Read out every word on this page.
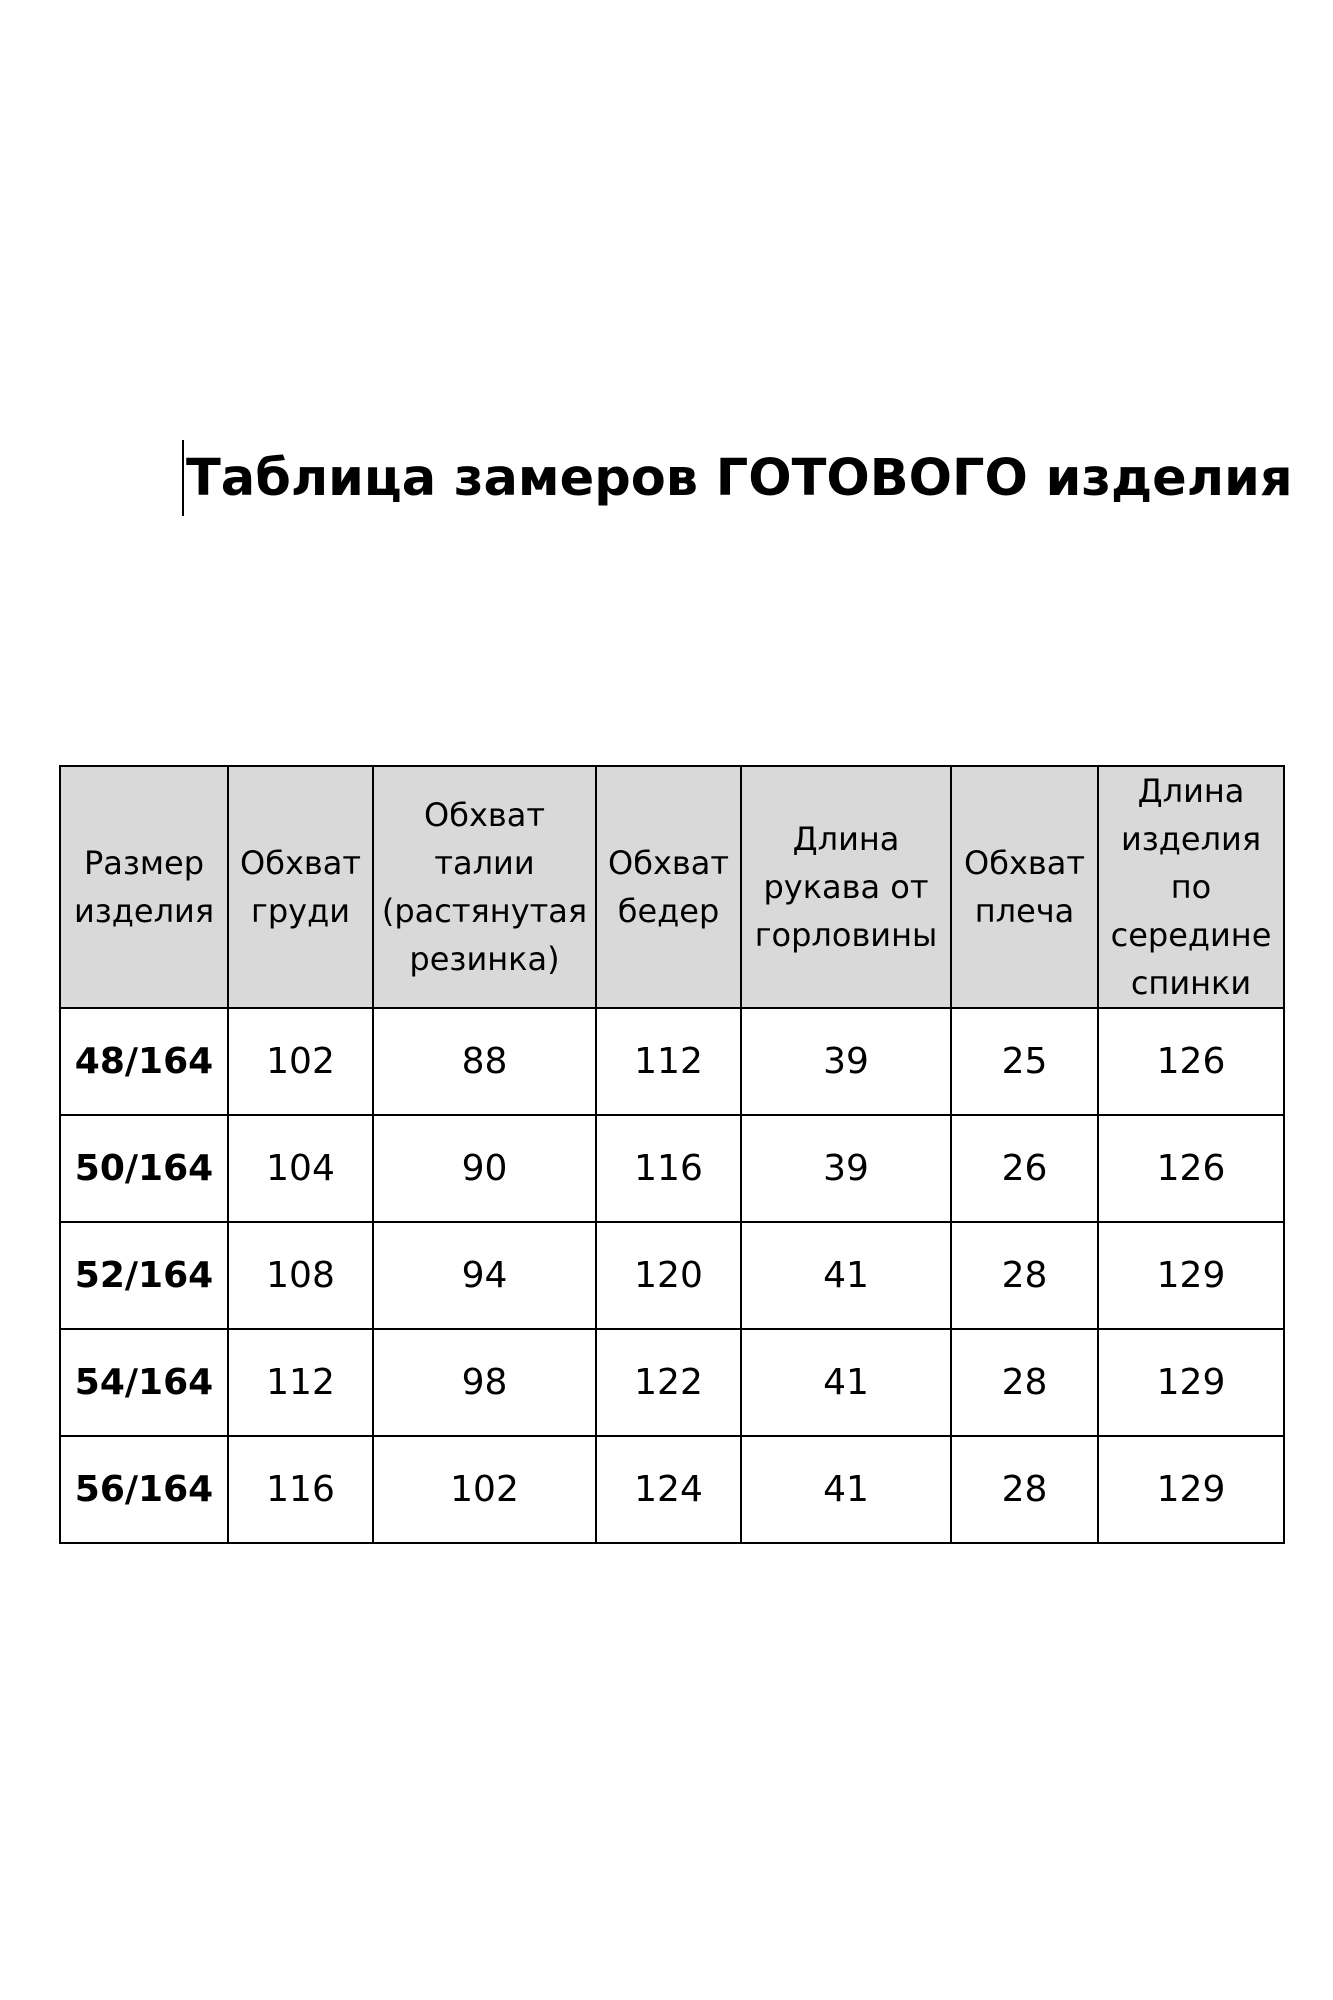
Таблица замеров ГОТОВОГО изделия
Размер
изделия	Обхват
груди	Обхват
талии
(растянутая
резинка)	Обхват
бедер	Длина
рукава от
горловины	Обхват
плеча	Длина
изделия
по
середине
спинки

48/164	102	88	112	39	25	126
50/164	104	90	116	39	26	126
52/164	108	94	120	41	28	129
54/164	112	98	122	41	28	129
56/164	116	102	124	41	28	129
